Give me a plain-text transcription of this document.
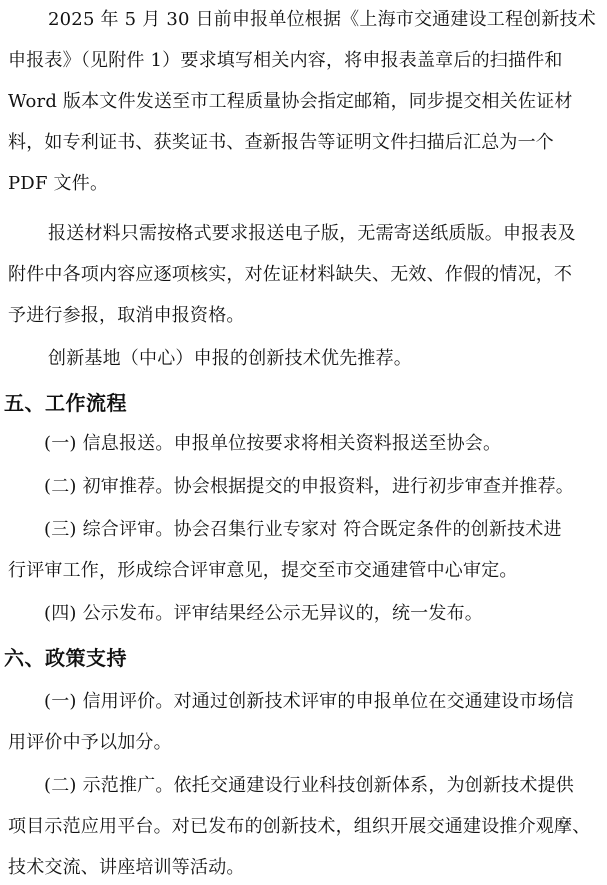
2025 年 5 月 30 日前申报单位根据《上海市交通建设工程创新技术
申报表》（见附件 1）要求填写相关内容，将申报表盖章后的扫描件和
Word 版本文件发送至市工程质量协会指定邮箱，同步提交相关佐证材
料，如专利证书、获奖证书、查新报告等证明文件扫描后汇总为一个
PDF 文件。
报送材料只需按格式要求报送电子版，无需寄送纸质版。申报表及
附件中各项内容应逐项核实，对佐证材料缺失、无效、作假的情况，不
予进行参报，取消申报资格。
创新基地（中心）申报的创新技术优先推荐。
五、工作流程
(一) 信息报送。申报单位按要求将相关资料报送至协会。
(二) 初审推荐。协会根据提交的申报资料，进行初步审查并推荐。
(三) 综合评审。协会召集行业专家对 符合既定条件的创新技术进
行评审工作，形成综合评审意见，提交至市交通建管中心审定。
(四) 公示发布。评审结果经公示无异议的，统一发布。
六、政策支持
(一) 信用评价。对通过创新技术评审的申报单位在交通建设市场信
用评价中予以加分。
(二) 示范推广。依托交通建设行业科技创新体系，为创新技术提供
项目示范应用平台。对已发布的创新技术，组织开展交通建设推介观摩、
技术交流、讲座培训等活动。
